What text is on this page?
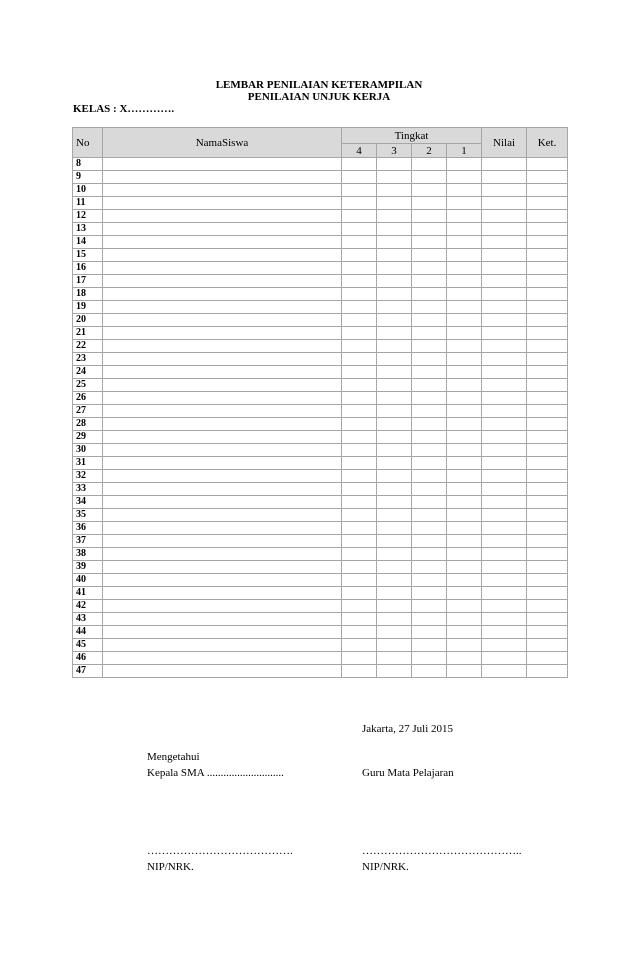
LEMBAR PENILAIAN KETERAMPILAN
PENILAIAN UNJUK KERJA
KELAS : X………….
No	NamaSiswa	Tingkat				Nilai	Ket.
		4	3	2	1		
8							
9							
10							
11							
12							
13							
14							
15							
16							
17							
18							
19							
20							
21							
22							
23							
24							
25							
26							
27							
28							
29							
30							
31							
32							
33							
34							
35							
36							
37							
38							
39							
40							
41							
42							
43							
44							
45							
46							
47							
Jakarta, 27 Juli 2015
Mengetahui
Kepala SMA ............................	Guru Mata Pelajaran
………………………………….	……………………………………..
NIP/NRK.	NIP/NRK.
